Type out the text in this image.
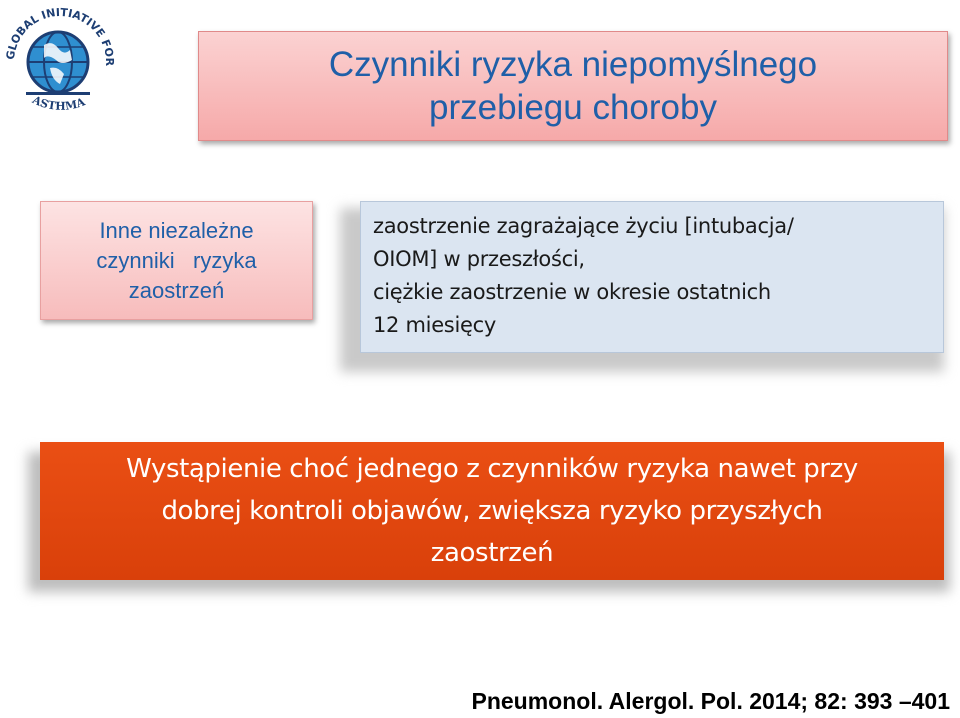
GLOBAL INITIATIVE FOR
ASTHMA
Czynniki ryzyka niepomyślnego
przebiegu choroby
Inne niezależne
czynniki   ryzyka
zaostrzeń
zaostrzenie zagrażające życiu [intubacja/
OIOM] w przeszłości,
ciężkie zaostrzenie w okresie ostatnich
12 miesięcy
Wystąpienie choć jednego z czynników ryzyka nawet przy
dobrej kontroli objawów, zwiększa ryzyko przyszłych
zaostrzeń
Pneumonol. Alergol. Pol. 2014; 82: 393 –401
